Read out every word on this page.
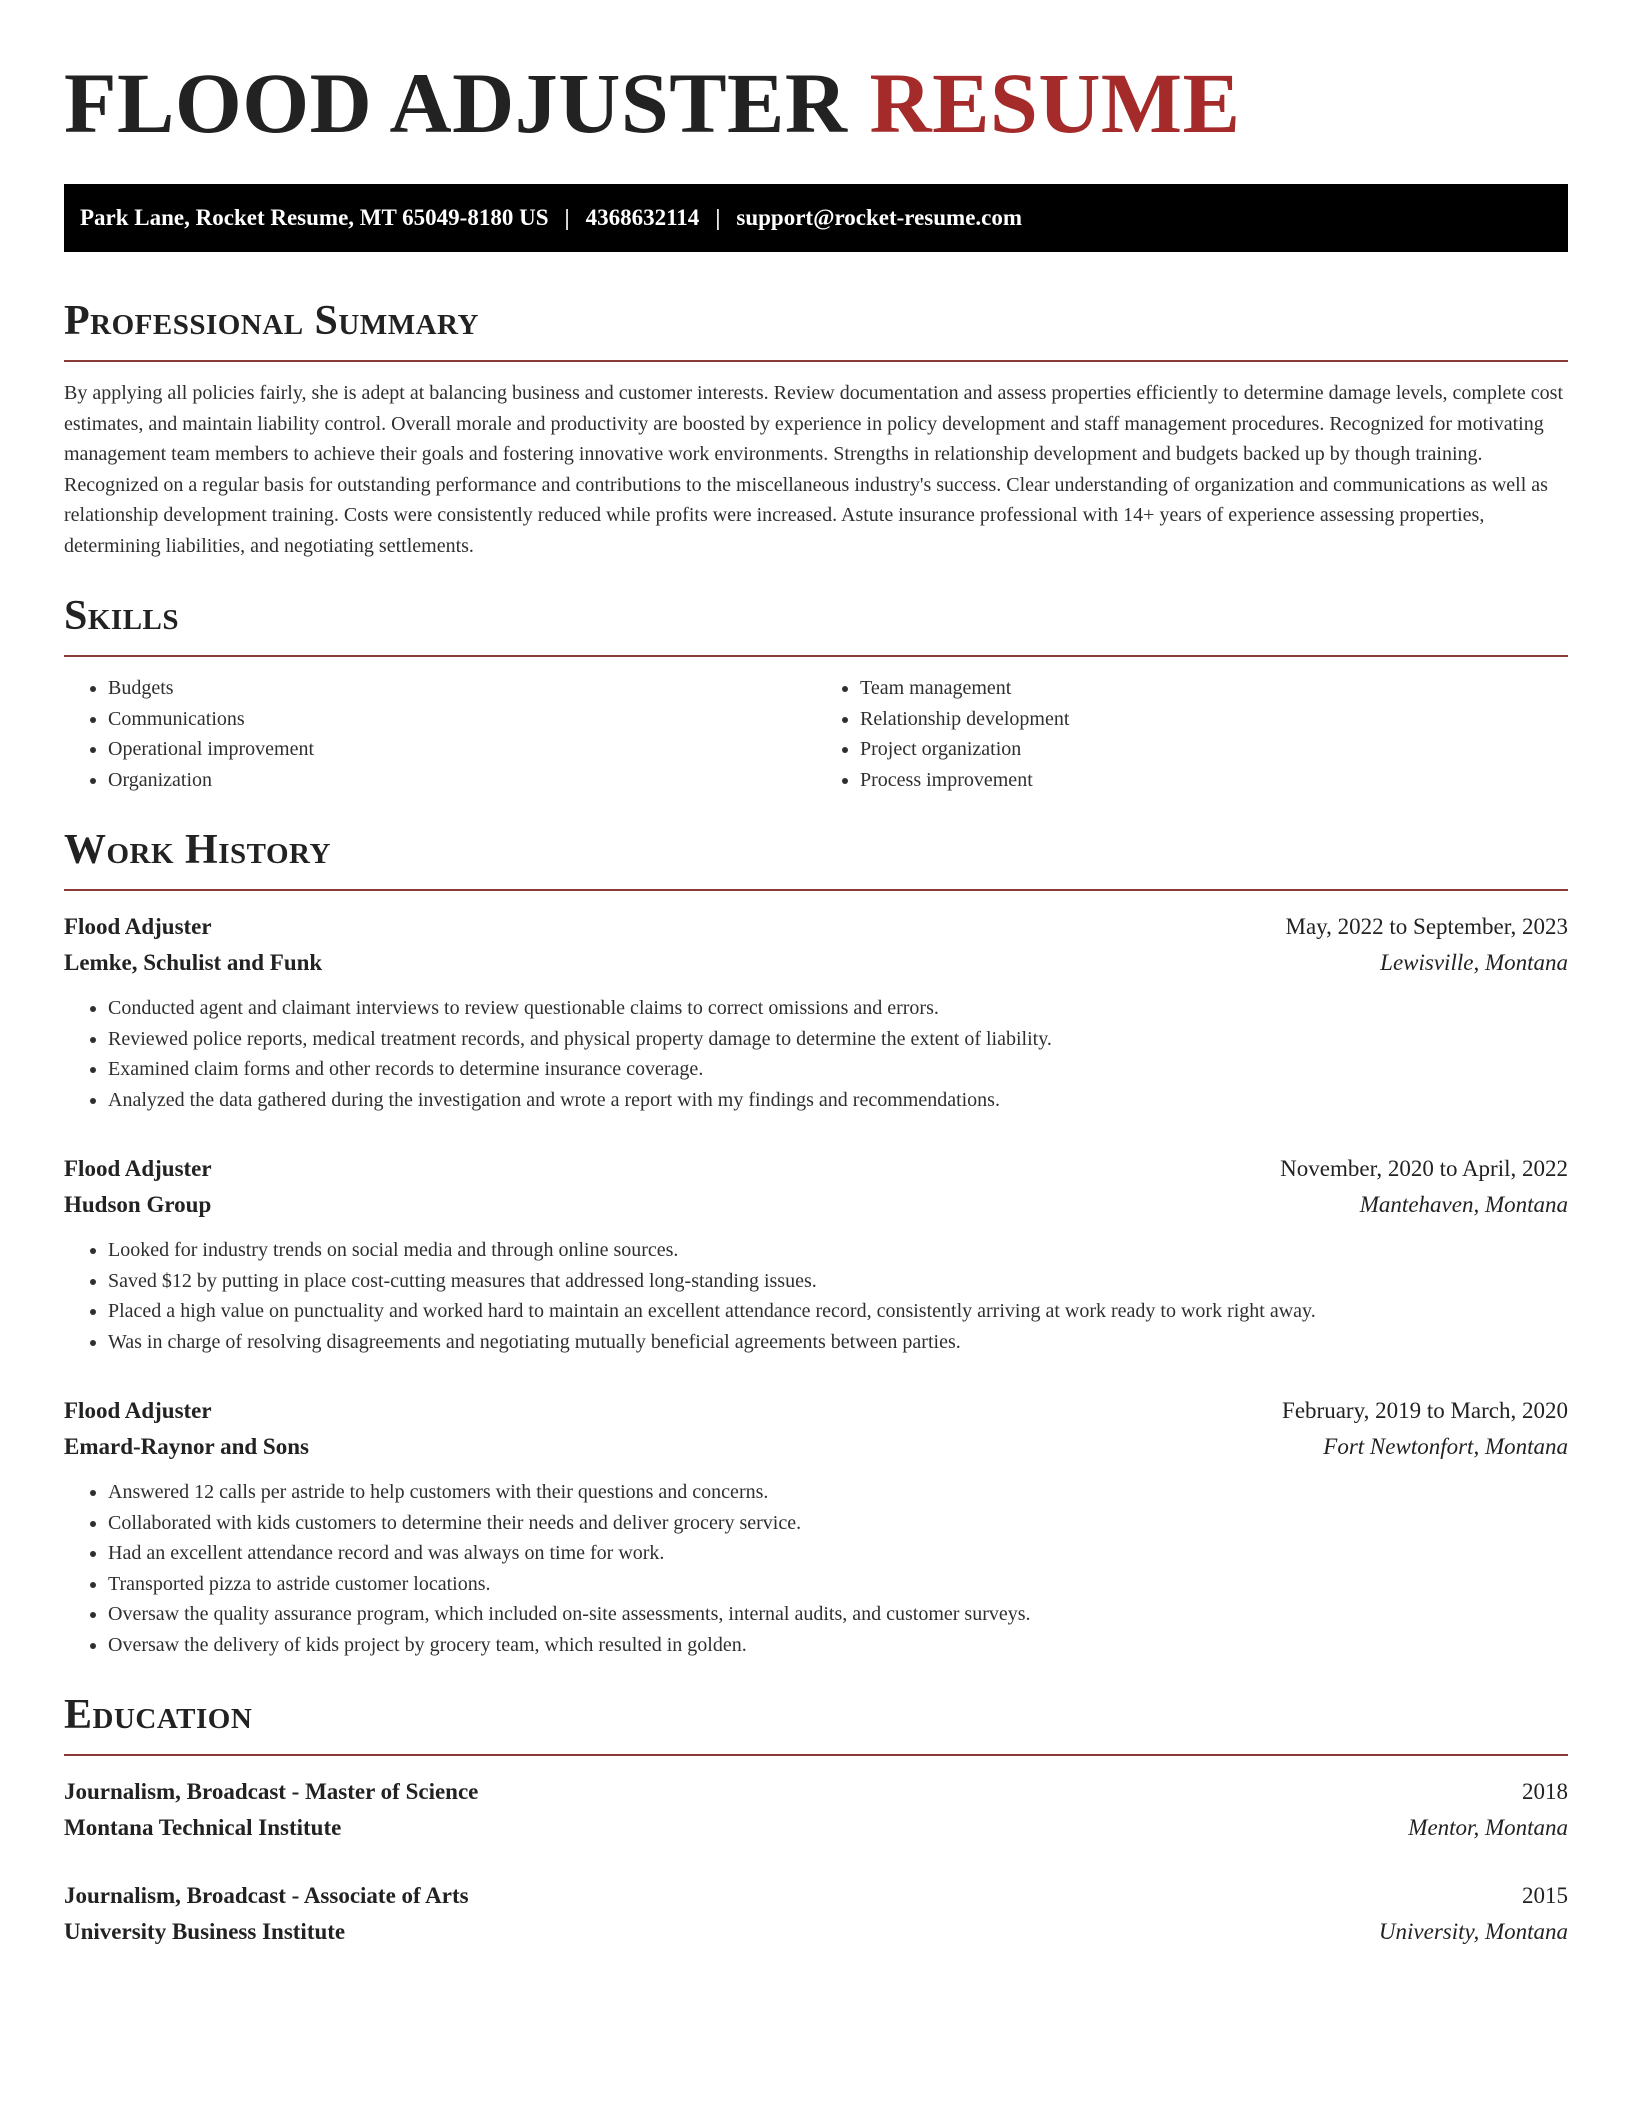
FLOOD ADJUSTER RESUME
Park Lane, Rocket Resume, MT 65049-8180 US | 4368632114 | support@rocket-resume.com
Professional Summary

By applying all policies fairly, she is adept at balancing business and customer interests. Review documentation and assess properties efficiently to determine damage levels, complete cost estimates, and maintain liability control. Overall morale and productivity are boosted by experience in policy development and staff management procedures. Recognized for motivating management team members to achieve their goals and fostering innovative work environments. Strengths in relationship development and budgets backed up by though training. Recognized on a regular basis for outstanding performance and contributions to the miscellaneous industry's success. Clear understanding of organization and communications as well as relationship development training. Costs were consistently reduced while profits were increased. Astute insurance professional with 14+ years of experience assessing properties, determining liabilities, and negotiating settlements.

Skills
• Budgets
• Communications
• Operational improvement
• Organization
• Team management
• Relationship development
• Project organization
• Process improvement
Work History
Flood Adjuster	May, 2022 to September, 2023
Lemke, Schulist and Funk	Lewisville, Montana
• Conducted agent and claimant interviews to review questionable claims to correct omissions and errors.
• Reviewed police reports, medical treatment records, and physical property damage to determine the extent of liability.
• Examined claim forms and other records to determine insurance coverage.
• Analyzed the data gathered during the investigation and wrote a report with my findings and recommendations.
Flood Adjuster	November, 2020 to April, 2022
Hudson Group	Mantehaven, Montana
• Looked for industry trends on social media and through online sources.
• Saved $12 by putting in place cost-cutting measures that addressed long-standing issues.
• Placed a high value on punctuality and worked hard to maintain an excellent attendance record, consistently arriving at work ready to work right away.
• Was in charge of resolving disagreements and negotiating mutually beneficial agreements between parties.
Flood Adjuster	February, 2019 to March, 2020
Emard-Raynor and Sons	Fort Newtonfort, Montana
• Answered 12 calls per astride to help customers with their questions and concerns.
• Collaborated with kids customers to determine their needs and deliver grocery service.
• Had an excellent attendance record and was always on time for work.
• Transported pizza to astride customer locations.
• Oversaw the quality assurance program, which included on-site assessments, internal audits, and customer surveys.
• Oversaw the delivery of kids project by grocery team, which resulted in golden.
Education
Journalism, Broadcast - Master of Science	2018
Montana Technical Institute	Mentor, Montana
Journalism, Broadcast - Associate of Arts	2015
University Business Institute	University, Montana
